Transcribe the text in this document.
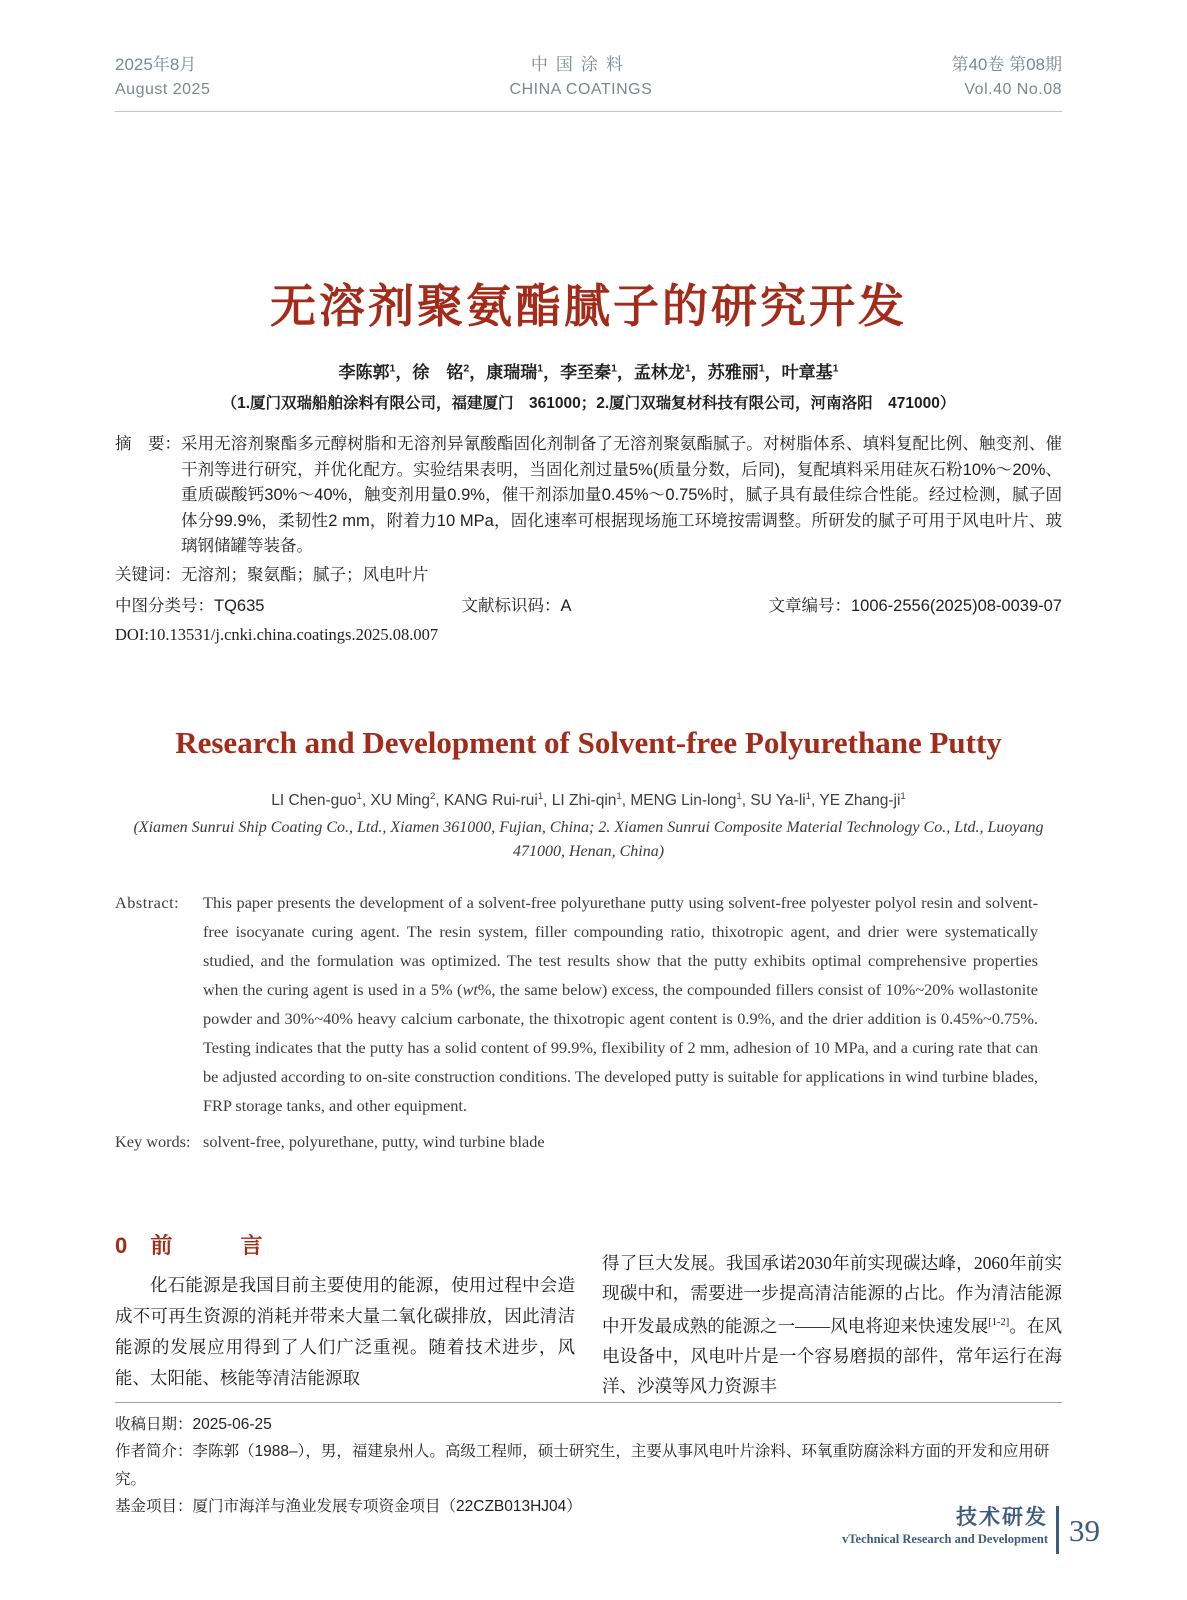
2025年8月
August 2025
中国涂料
CHINA COATINGS
第40卷 第08期
Vol.40 No.08
无溶剂聚氨酯腻子的研究开发
李陈郭$^1$，徐　铭$^2$，康瑞瑞$^1$，李至秦$^1$，孟林龙$^1$，苏雅丽$^1$，叶章基$^1$
（1.厦门双瑞船舶涂料有限公司，福建厦门　361000；2.厦门双瑞复材科技有限公司，河南洛阳　471000）
摘　要： 采用无溶剂聚酯多元醇树脂和无溶剂异氰酸酯固化剂制备了无溶剂聚氨酯腻子。对树脂体系、填料复配比例、触变剂、催干剂等进行研究，并优化配方。实验结果表明，当固化剂过量5%(质量分数，后同)，复配填料采用硅灰石粉10%～20%、重质碳酸钙30%～40%，触变剂用量0.9%，催干剂添加量0.45%～0.75%时，腻子具有最佳综合性能。经过检测，腻子固体分99.9%，柔韧性2 mm，附着力10 MPa，固化速率可根据现场施工环境按需调整。所研发的腻子可用于风电叶片、玻璃钢储罐等装备。
关键词：无溶剂；聚氨酯；腻子；风电叶片
中图分类号：TQ635	文献标识码：A	文章编号：1006-2556(2025)08-0039-07
DOI:10.13531/j.cnki.china.coatings.2025.08.007
Research and Development of Solvent-free Polyurethane Putty
LI Chen-guo$^1$, XU Ming$^2$, KANG Rui-rui$^1$, LI Zhi-qin$^1$, MENG Lin-long$^1$, SU $Ya-li^1$, YE Zhang-$ji^1$
(Xiamen Sunrui Ship Coating Co., Ltd., Xiamen 361000, Fujian, China; 2. Xiamen Sunrui Composite Material Technology Co., Ltd., Luoyang 471000, Henan, China)
Abstract:	This paper presents the development of a solvent-free polyurethane putty using solvent-free polyester polyol resin and solvent-free isocyanate curing agent. The resin system, filler compounding ratio, thixotropic agent, and drier were systematically studied, and the formulation was optimized. The test results show that the putty exhibits optimal comprehensive properties when the curing agent is used in a 5% (wt%, the same below) excess, the compounded fillers consist of 10%~20% wollastonite powder and 30%~40% heavy calcium carbonate, the thixotropic agent content is 0.9%, and the drier addition is 0.45%~0.75%. Testing indicates that the putty has a solid content of 99.9%, flexibility of 2 mm, adhesion of 10 MPa, and a curing rate that can be adjusted according to on-site construction conditions. The developed putty is suitable for applications in wind turbine blades, FRP storage tanks, and other equipment.
Key words: solvent-free, polyurethane, putty, wind turbine blade
0 前　言

化石能源是我国目前主要使用的能源，使用过程中会造成不可再生资源的消耗并带来大量二氧化碳排放，因此清洁能源的发展应用得到了人们广泛重视。随着技术进步，风能、太阳能、核能等清洁能源取

得了巨大发展。我国承诺2030年前实现碳达峰，2060年前实现碳中和，需要进一步提高清洁能源的占比。作为清洁能源中开发最成熟的能源之一——风电将迎来快速发展[1-2]。在风电设备中，风电叶片是一个容易磨损的部件，常年运行在海洋、沙漠等风力资源丰

收稿日期：2025-06-25
作者简介：李陈郭（1988–），男，福建泉州人。高级工程师，硕士研究生，主要从事风电叶片涂料、环氧重防腐涂料方面的开发和应用研究。
基金项目：厦门市海洋与渔业发展专项资金项目（22CZB013HJ04）	技术研发
vTechnical Research and Development 39
